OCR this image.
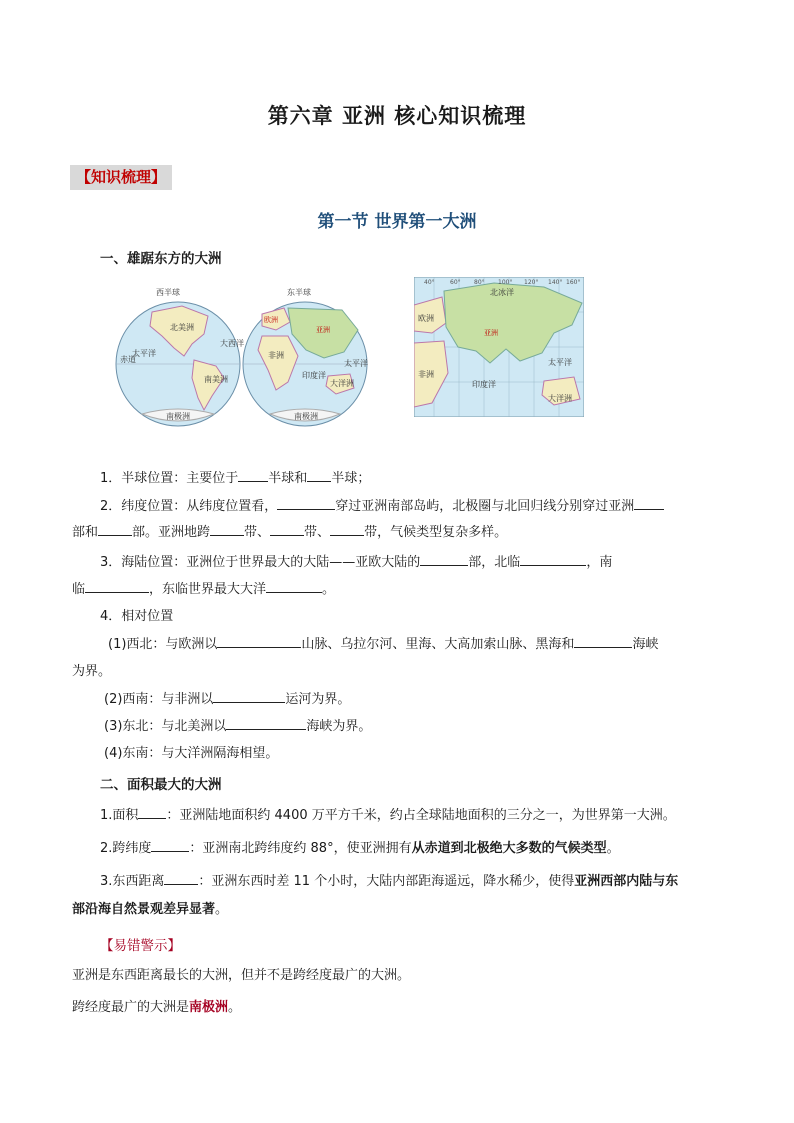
第六章 亚洲 核心知识梳理
【知识梳理】
第一节 世界第一大洲
一、雄踞东方的大洲
西半球	东半球
北美洲
南美洲
太平洋
大西洋
赤道
南极洲
亚洲
非洲
欧洲
印度洋
大洋洲
太平洋
南极洲
亚洲
欧洲
非洲
太平洋
印度洋
大洋洲
北冰洋
40°	60° 80° 100° 120° 140° 160°
1．半球位置：主要位于 半球和 半球；
2．纬度位置：从纬度位置看，	穿过亚洲南部岛屿，北极圈与北回归线分别穿过亚洲
部和	部。亚洲地跨	带、	带、	带，气候类型复杂多样。
3．海陆位置：亚洲位于世界最大的大陆——亚欧大陆的	部，北临	，南
临	，东临世界最大大洋	。
4．相对位置
(1)西北：与欧洲以	山脉、乌拉尔河、里海、大高加索山脉、黑海和	海峡
为界。
(2)西南：与非洲以	运河为界。
(3)东北：与北美洲以	海峡为界。
(4)东南：与大洋洲隔海相望。
二、面积最大的大洲
1.面积 ：亚洲陆地面积约 4400 万平方千米，约占全球陆地面积的三分之一，为世界第一大洲。
2.跨纬度	：亚洲南北跨纬度约 88°，使亚洲拥有从赤道到北极绝大多数的气候类型。
3.东西距离	：亚洲东西时差 11 个小时，大陆内部距海遥远，降水稀少，使得亚洲西部内陆与东
部沿海自然景观差异显著。
【易错警示】
亚洲是东西距离最长的大洲，但并不是跨经度最广的大洲。
跨经度最广的大洲是南极洲。
